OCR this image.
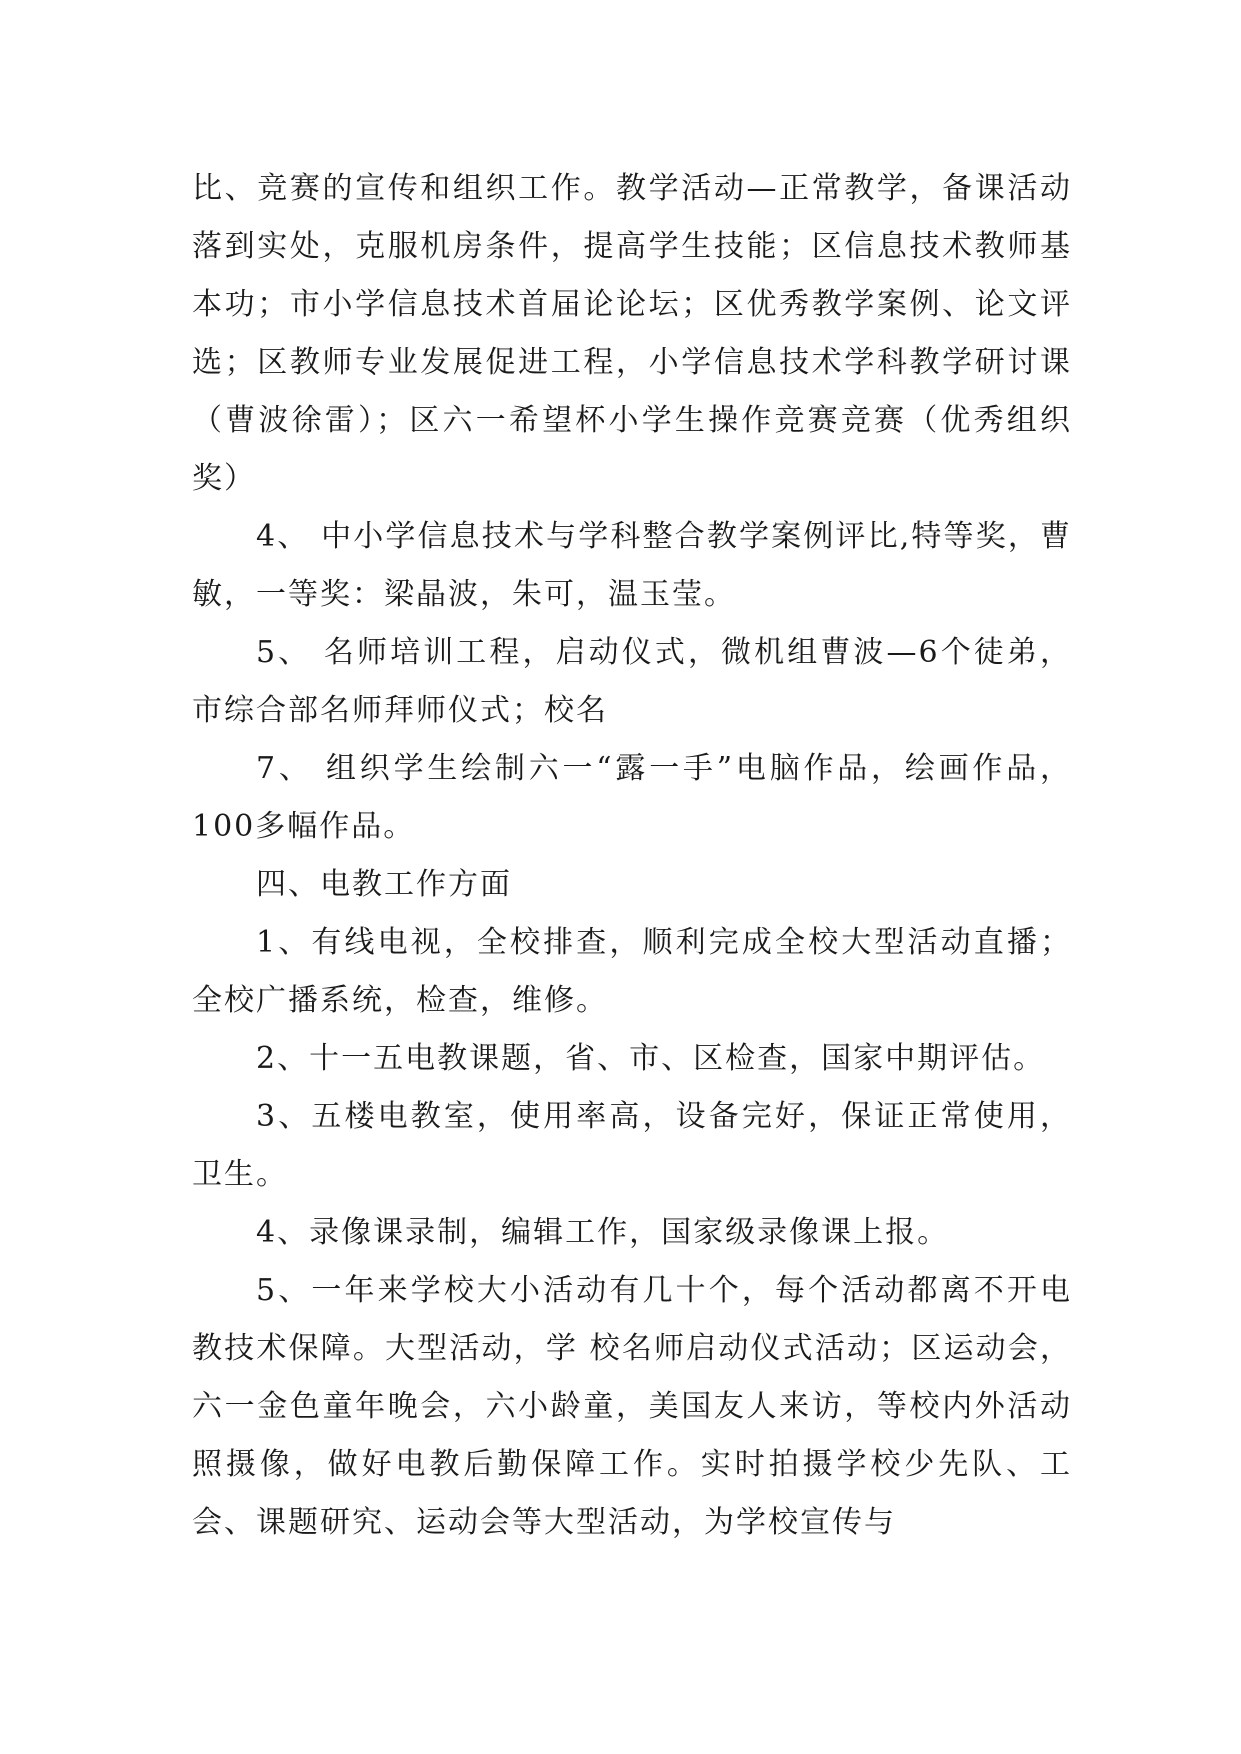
比、竞赛的宣传和组织工作。教学活动—正常教学，备课活动落到实处，克服机房条件，提高学生技能；区信息技术教师基本功；市小学信息技术首届论论坛；区优秀教学案例、论文评选；区教师专业发展促进工程，小学信息技术学科教学研讨课（曹波徐雷）；区六一希望杯小学生操作竞赛竞赛（优秀组织奖）

4、 中小学信息技术与学科整合教学案例评比,特等奖，曹敏，一等奖：梁晶波，朱可，温玉莹。

5、 名师培训工程，启动仪式，微机组曹波—6个徒弟，市综合部名师拜师仪式；校名

7、 组织学生绘制六一“露一手”电脑作品，绘画作品，100多幅作品。

四、电教工作方面

1、有线电视，全校排查，顺利完成全校大型活动直播；全校广播系统，检查，维修。

2、十一五电教课题，省、市、区检查，国家中期评估。

3、五楼电教室，使用率高，设备完好，保证正常使用，卫生。

4、录像课录制，编辑工作，国家级录像课上报。

5、一年来学校大小活动有几十个，每个活动都离不开电教技术保障。大型活动，学 校名师启动仪式活动；区运动会，六一金色童年晚会，六小龄童，美国友人来访，等校内外活动照摄像，做好电教后勤保障工作。实时拍摄学校少先队、工会、课题研究、运动会等大型活动，为学校宣传与
